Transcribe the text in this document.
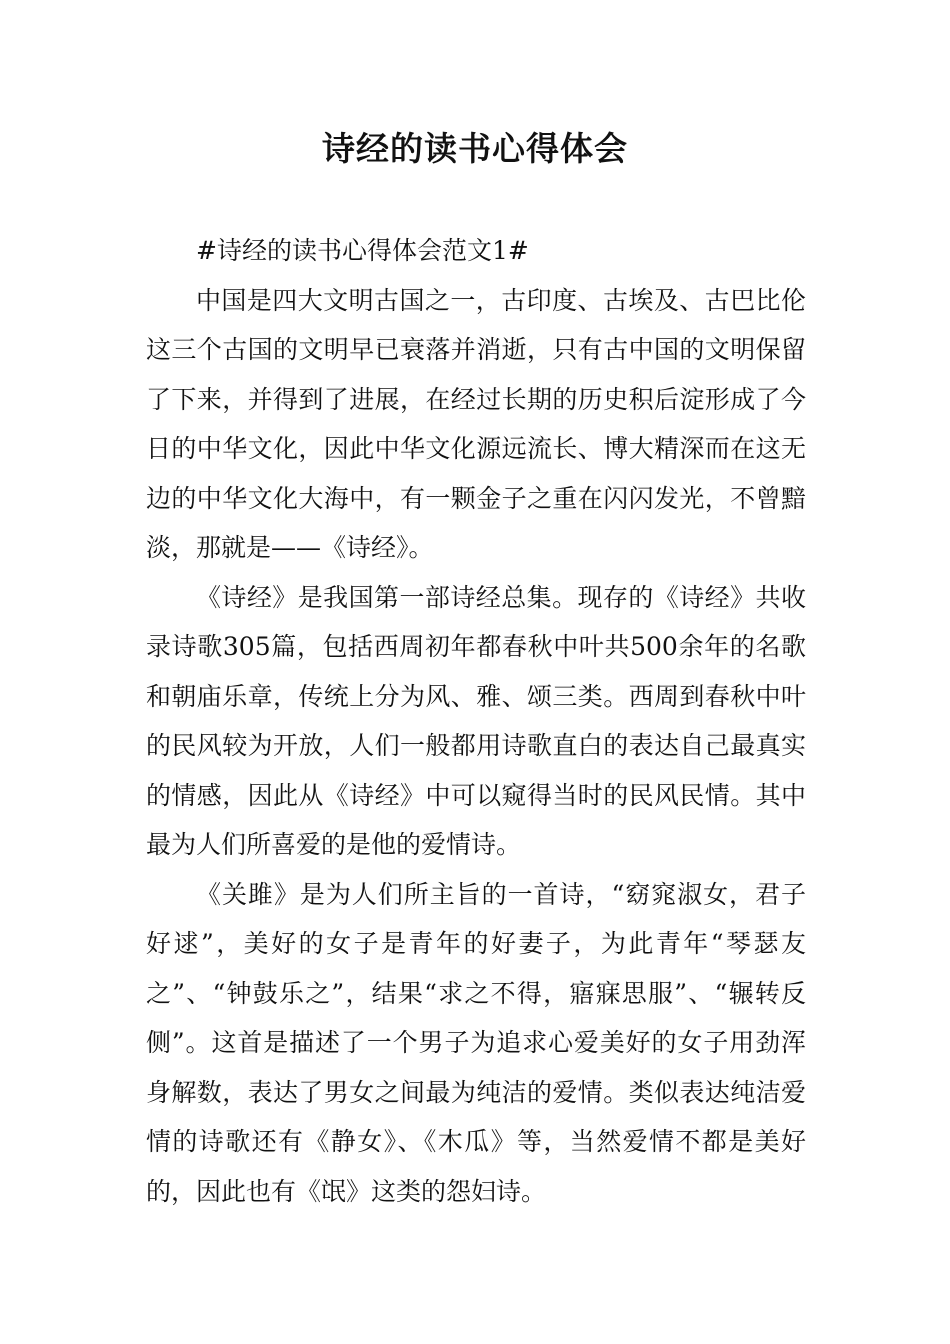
诗经的读书心得体会

#诗经的读书心得体会范文1#

中国是四大文明古国之一，古印度、古埃及、古巴比伦这三个古国的文明早已衰落并消逝，只有古中国的文明保留了下来，并得到了进展，在经过长期的历史积后淀形成了今日的中华文化，因此中华文化源远流长、博大精深而在这无边的中华文化大海中，有一颗金子之重在闪闪发光，不曾黯淡，那就是——《诗经》。

《诗经》是我国第一部诗经总集。现存的《诗经》共收录诗歌305篇，包括西周初年都春秋中叶共500余年的名歌和朝庙乐章，传统上分为风、雅、颂三类。西周到春秋中叶的民风较为开放，人们一般都用诗歌直白的表达自己最真实的情感，因此从《诗经》中可以窥得当时的民风民情。其中最为人们所喜爱的是他的爱情诗。

《关雎》是为人们所主旨的一首诗，“窈窕淑女，君子好逑”，美好的女子是青年的好妻子，为此青年“琴瑟友之”、“钟鼓乐之”，结果“求之不得，寤寐思服”、“辗转反侧”。这首是描述了一个男子为追求心爱美好的女子用劲浑身解数，表达了男女之间最为纯洁的爱情。类似表达纯洁爱情的诗歌还有《静女》、《木瓜》等，当然爱情不都是美好的，因此也有《氓》这类的怨妇诗。
